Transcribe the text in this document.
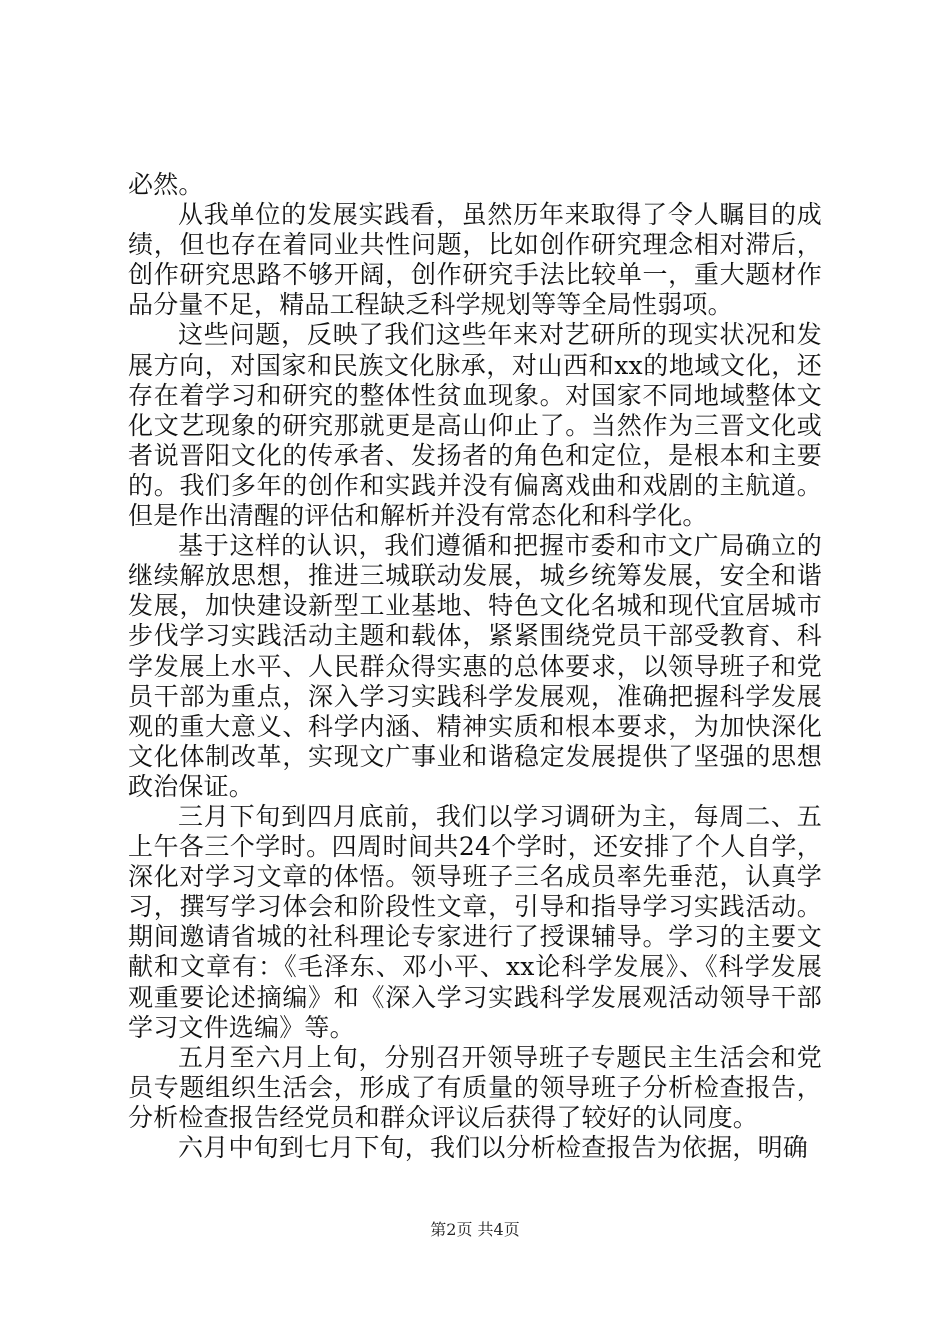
必然。

从我单位的发展实践看，虽然历年来取得了令人瞩目的成绩，但也存在着同业共性问题，比如创作研究理念相对滞后，创作研究思路不够开阔，创作研究手法比较单一，重大题材作品分量不足，精品工程缺乏科学规划等等全局性弱项。

这些问题，反映了我们这些年来对艺研所的现实状况和发展方向，对国家和民族文化脉承，对山西和xx的地域文化，还存在着学习和研究的整体性贫血现象。对国家不同地域整体文化文艺现象的研究那就更是高山仰止了。当然作为三晋文化或者说晋阳文化的传承者、发扬者的角色和定位，是根本和主要的。我们多年的创作和实践并没有偏离戏曲和戏剧的主航道。但是作出清醒的评估和解析并没有常态化和科学化。

基于这样的认识，我们遵循和把握市委和市文广局确立的继续解放思想，推进三城联动发展，城乡统筹发展，安全和谐发展，加快建设新型工业基地、特色文化名城和现代宜居城市步伐学习实践活动主题和载体，紧紧围绕党员干部受教育、科学发展上水平、人民群众得实惠的总体要求，以领导班子和党员干部为重点，深入学习实践科学发展观，准确把握科学发展观的重大意义、科学内涵、精神实质和根本要求，为加快深化文化体制改革，实现文广事业和谐稳定发展提供了坚强的思想政治保证。

三月下旬到四月底前，我们以学习调研为主，每周二、五上午各三个学时。四周时间共24个学时，还安排了个人自学，深化对学习文章的体悟。领导班子三名成员率先垂范，认真学习，撰写学习体会和阶段性文章，引导和指导学习实践活动。期间邀请省城的社科理论专家进行了授课辅导。学习的主要文献和文章有：《毛泽东、邓小平、xx论科学发展》、《科学发展观重要论述摘编》和《深入学习实践科学发展观活动领导干部学习文件选编》等。

五月至六月上旬，分别召开领导班子专题民主生活会和党员专题组织生活会，形成了有质量的领导班子分析检查报告，分析检查报告经党员和群众评议后获得了较好的认同度。

六月中旬到七月下旬，我们以分析检查报告为依据，明确

第2页 共4页
